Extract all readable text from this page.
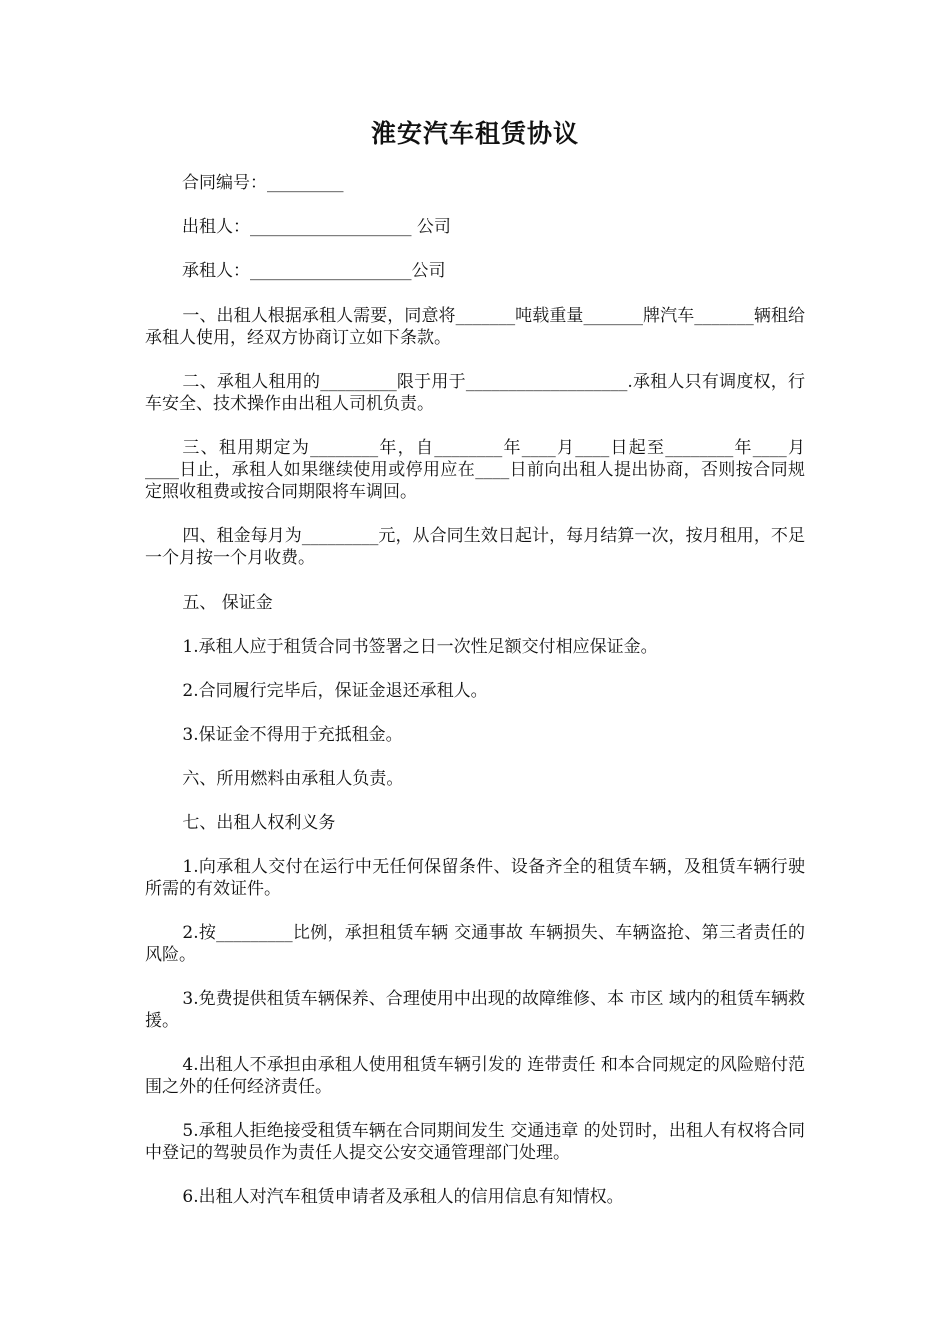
淮安汽车租赁协议
合同编号：_________
出租人：___________________ 公司
承租人：___________________公司
一、出租人根据承租人需要，同意将_______吨载重量_______牌汽车_______辆租给承租人使用，经双方协商订立如下条款。
二、承租人租用的_________限于用于___________________.承租人只有调度权，行车安全、技术操作由出租人司机负责。
三、租用期定为________年，自________年____月____日起至________年____月____日止，承租人如果继续使用或停用应在____日前向出租人提出协商，否则按合同规定照收租费或按合同期限将车调回。
四、租金每月为_________元，从合同生效日起计，每月结算一次，按月租用，不足一个月按一个月收费。
五、 保证金
1.承租人应于租赁合同书签署之日一次性足额交付相应保证金。
2.合同履行完毕后，保证金退还承租人。
3.保证金不得用于充抵租金。
六、所用燃料由承租人负责。
七、出租人权利义务
1.向承租人交付在运行中无任何保留条件、设备齐全的租赁车辆，及租赁车辆行驶所需的有效证件。
2.按_________比例，承担租赁车辆 交通事故 车辆损失、车辆盗抢、第三者责任的风险。
3.免费提供租赁车辆保养、合理使用中出现的故障维修、本 市区 域内的租赁车辆救援。
4.出租人不承担由承租人使用租赁车辆引发的 连带责任 和本合同规定的风险赔付范围之外的任何经济责任。
5.承租人拒绝接受租赁车辆在合同期间发生 交通违章 的处罚时，出租人有权将合同中登记的驾驶员作为责任人提交公安交通管理部门处理。
6.出租人对汽车租赁申请者及承租人的信用信息有知情权。
